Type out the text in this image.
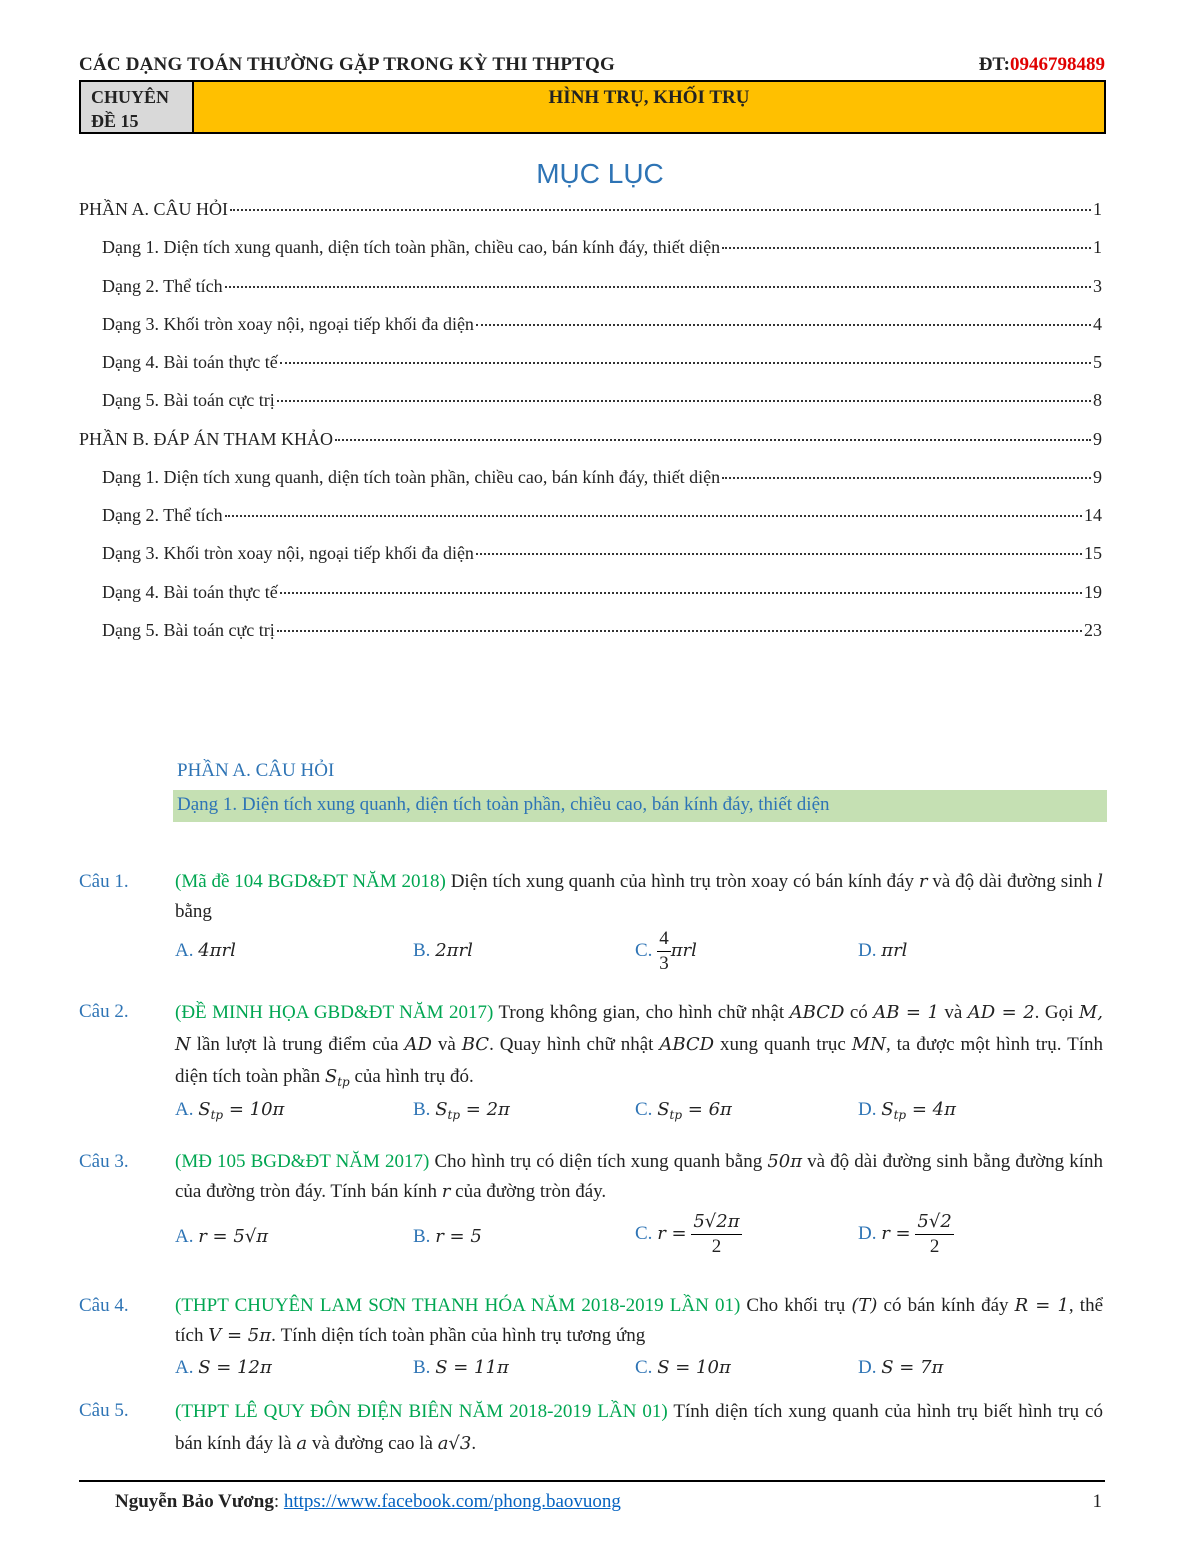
CÁC DẠNG TOÁN THƯỜNG GẶP TRONG KỲ THI THPTQG	ĐT:0946798489
CHUYÊN
ĐỀ 15
HÌNH TRỤ, KHỐI TRỤ
MỤC LỤC
PHẦN A. CÂU HỎI	1
Dạng 1. Diện tích xung quanh, diện tích toàn phần, chiều cao, bán kính đáy, thiết diện	1
Dạng 2. Thể tích	3
Dạng 3. Khối tròn xoay nội, ngoại tiếp khối đa diện	4
Dạng 4. Bài toán thực tế	5
Dạng 5. Bài toán cực trị	8
PHẦN B. ĐÁP ÁN THAM KHẢO	9
Dạng 1. Diện tích xung quanh, diện tích toàn phần, chiều cao, bán kính đáy, thiết diện	9
Dạng 2. Thể tích	14
Dạng 3. Khối tròn xoay nội, ngoại tiếp khối đa diện	15
Dạng 4. Bài toán thực tế	19
Dạng 5. Bài toán cực trị	23
PHẦN A. CÂU HỎI
Dạng 1. Diện tích xung quanh, diện tích toàn phần, chiều cao, bán kính đáy, thiết diện
Câu 1. (Mã đề 104 BGD&ĐT NĂM 2018) Diện tích xung quanh của hình trụ tròn xoay có bán kính đáy r và độ dài đường sinh l bằng
A. 4πrl	B. 2πrl	C. $\frac{4}{3}$ πrl	D. πrl
Câu 2. (ĐỀ MINH HỌA GBD&ĐT NĂM 2017) Trong không gian, cho hình chữ nhật ABCD có AB = 1 và AD = 2. Gọi M, N lần lượt là trung điểm của AD và BC. Quay hình chữ nhật ABCD xung quanh trục MN, ta được một hình trụ. Tính diện tích toàn phần $S_{tp}$ của hình trụ đó.
A. $S_{tp} = 10\pi$	B. $S_{tp} = 2\pi$	C. $S_{tp} = 6\pi$	D. $S_{tp} = 4\pi$
Câu 3. (MĐ 105 BGD&ĐT NĂM 2017) Cho hình trụ có diện tích xung quanh bằng 50π và độ dài đường sinh bằng đường kính của đường tròn đáy. Tính bán kính r của đường tròn đáy.
A. r = 5√π	B. r = 5	C. $r = \frac{5√2\pi}{2}$	D. $r = \frac{5√2}{2}$
Câu 4. (THPT CHUYÊN LAM SƠN THANH HÓA NĂM 2018-2019 LẦN 01) Cho khối trụ (T) có bán kính đáy R = 1, thể tích V = 5π. Tính diện tích toàn phần của hình trụ tương ứng
A. S = 12π	B. S = 11π	C. S = 10π	D. S = 7π
Câu 5. (THPT LÊ QUY ĐÔN ĐIỆN BIÊN NĂM 2018-2019 LẦN 01) Tính diện tích xung quanh của hình trụ biết hình trụ có bán kính đáy là a và đường cao là a√3.
Nguyễn Bảo Vương: https://www.facebook.com/phong.baovuong	1
